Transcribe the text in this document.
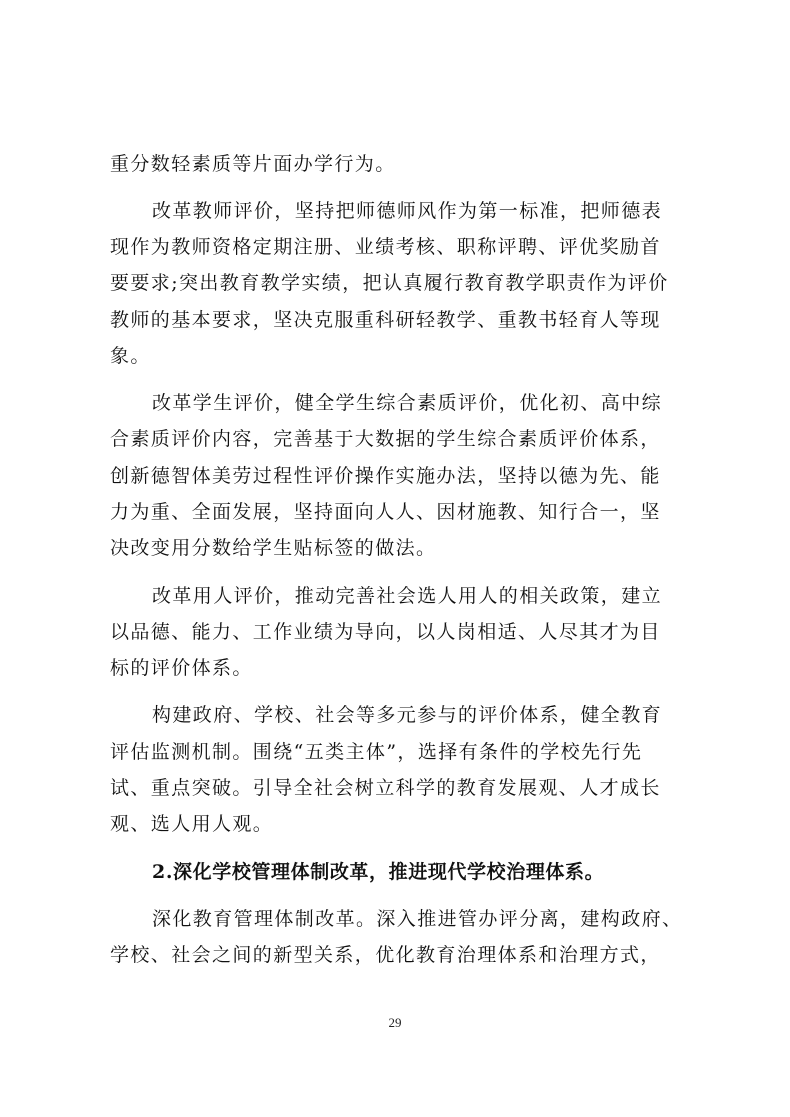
重分数轻素质等片面办学行为。
改革教师评价，坚持把师德师风作为第一标准，把师德表
现作为教师资格定期注册、业绩考核、职称评聘、评优奖励首
要要求;突出教育教学实绩，把认真履行教育教学职责作为评价
教师的基本要求，坚决克服重科研轻教学、重教书轻育人等现
象。
改革学生评价，健全学生综合素质评价，优化初、高中综
合素质评价内容，完善基于大数据的学生综合素质评价体系，
创新德智体美劳过程性评价操作实施办法，坚持以德为先、能
力为重、全面发展，坚持面向人人、因材施教、知行合一，坚
决改变用分数给学生贴标签的做法。
改革用人评价，推动完善社会选人用人的相关政策，建立
以品德、能力、工作业绩为导向，以人岗相适、人尽其才为目
标的评价体系。
构建政府、学校、社会等多元参与的评价体系，健全教育
评估监测机制。围绕“五类主体”，选择有条件的学校先行先
试、重点突破。引导全社会树立科学的教育发展观、人才成长
观、选人用人观。
2.深化学校管理体制改革，推进现代学校治理体系。
深化教育管理体制改革。深入推进管办评分离，建构政府、
学校、社会之间的新型关系，优化教育治理体系和治理方式，
29
